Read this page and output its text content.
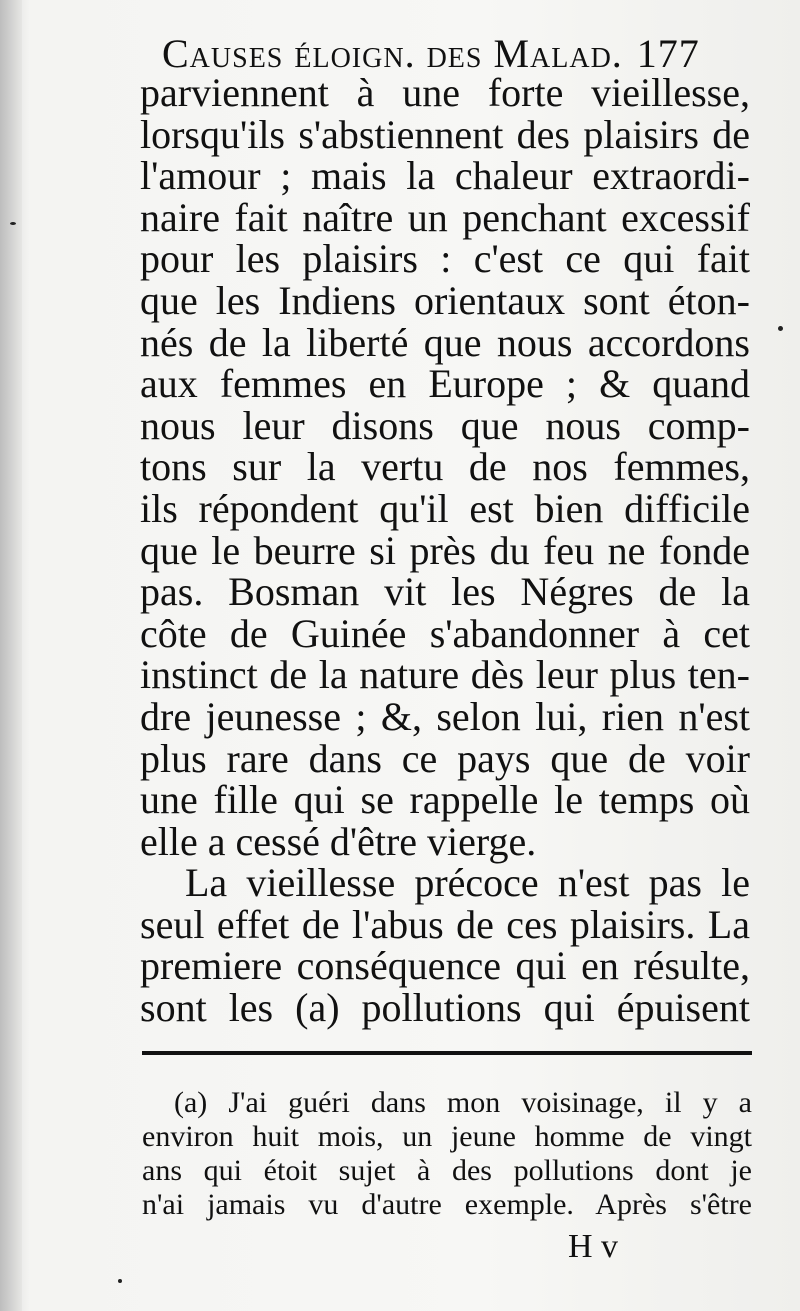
Causes éloign. des Malad. 177
parviennent à une forte vieillesse,
lorsqu'ils s'abstiennent des plaisirs de
l'amour ; mais la chaleur extraordi-
naire fait naître un penchant excessif
pour les plaisirs : c'est ce qui fait
que les Indiens orientaux sont éton-
nés de la liberté que nous accordons
aux femmes en Europe ; & quand
nous leur disons que nous comp-
tons sur la vertu de nos femmes,
ils répondent qu'il est bien difficile
que le beurre si près du feu ne fonde
pas. Bosman vit les Négres de la
côte de Guinée s'abandonner à cet
instinct de la nature dès leur plus ten-
dre jeunesse ; &, selon lui, rien n'est
plus rare dans ce pays que de voir
une fille qui se rappelle le temps où
elle a cessé d'être vierge.
La vieillesse précoce n'est pas le
seul effet de l'abus de ces plaisirs. La
premiere conséquence qui en résulte,
sont les (a) pollutions qui épuisent
(a) J'ai guéri dans mon voisinage, il y a
environ huit mois, un jeune homme de vingt
ans qui étoit sujet à des pollutions dont je
n'ai jamais vu d'autre exemple. Après s'être
H v
